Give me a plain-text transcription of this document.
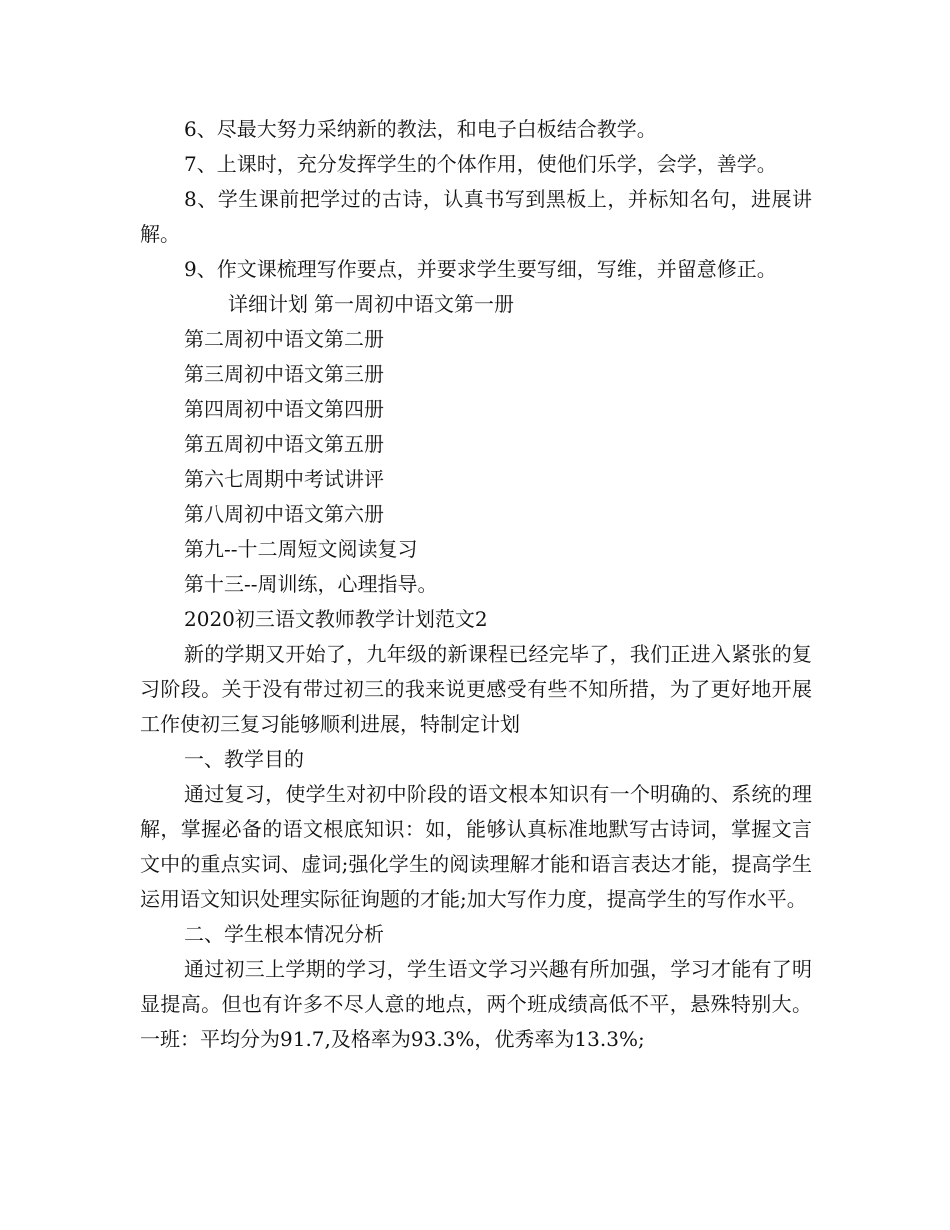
6、尽最大努力采纳新的教法，和电子白板结合教学。

7、上课时，充分发挥学生的个体作用，使他们乐学，会学，善学。

8、学生课前把学过的古诗，认真书写到黑板上，并标知名句，进展讲解。

9、作文课梳理写作要点，并要求学生要写细，写维，并留意修正。

详细计划 第一周初中语文第一册

第二周初中语文第二册

第三周初中语文第三册

第四周初中语文第四册

第五周初中语文第五册

第六七周期中考试讲评

第八周初中语文第六册

第九--十二周短文阅读复习

第十三--周训练，心理指导。

2020初三语文教师教学计划范文2

新的学期又开始了，九年级的新课程已经完毕了，我们正进入紧张的复习阶段。关于没有带过初三的我来说更感受有些不知所措，为了更好地开展工作使初三复习能够顺利进展，特制定计划

一、教学目的

通过复习，使学生对初中阶段的语文根本知识有一个明确的、系统的理解，掌握必备的语文根底知识：如，能够认真标准地默写古诗词，掌握文言文中的重点实词、虚词;强化学生的阅读理解才能和语言表达才能，提高学生运用语文知识处理实际征询题的才能;加大写作力度，提高学生的写作水平。

二、学生根本情况分析

通过初三上学期的学习，学生语文学习兴趣有所加强，学习才能有了明显提高。但也有许多不尽人意的地点，两个班成绩高低不平，悬殊特别大。一班：平均分为91.7,及格率为93.3%，优秀率为13.3%;
